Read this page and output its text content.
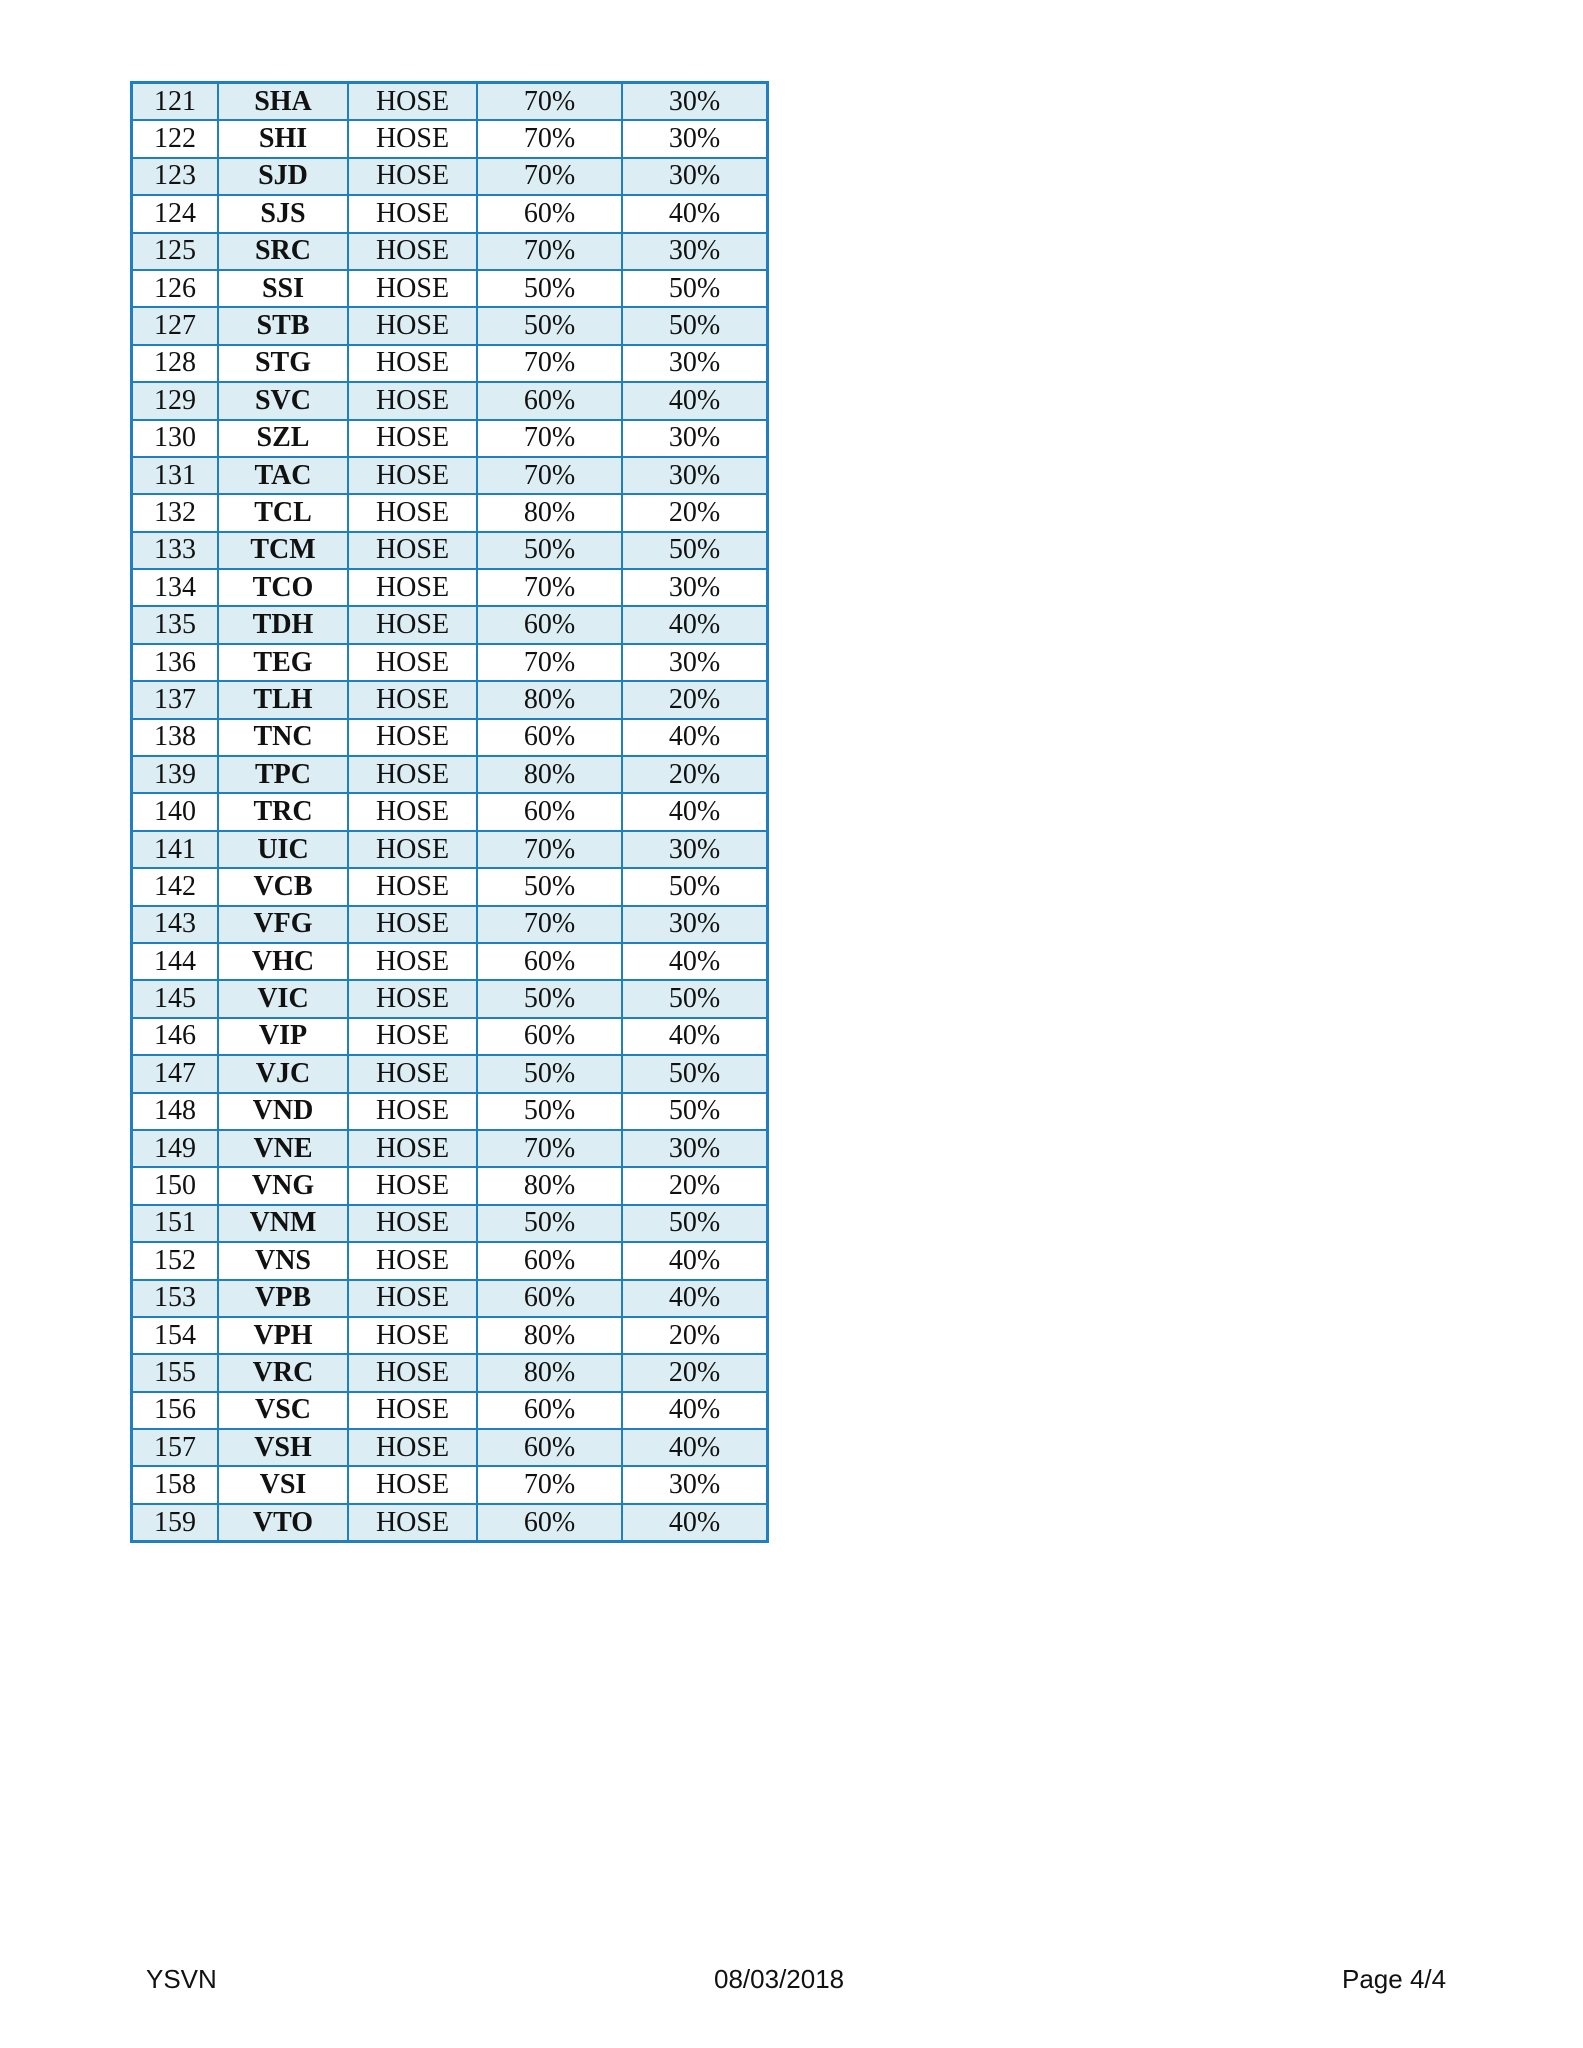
121	SHA	HOSE	70%	30%
122	SHI	HOSE	70%	30%
123	SJD	HOSE	70%	30%
124	SJS	HOSE	60%	40%
125	SRC	HOSE	70%	30%
126	SSI	HOSE	50%	50%
127	STB	HOSE	50%	50%
128	STG	HOSE	70%	30%
129	SVC	HOSE	60%	40%
130	SZL	HOSE	70%	30%
131	TAC	HOSE	70%	30%
132	TCL	HOSE	80%	20%
133	TCM	HOSE	50%	50%
134	TCO	HOSE	70%	30%
135	TDH	HOSE	60%	40%
136	TEG	HOSE	70%	30%
137	TLH	HOSE	80%	20%
138	TNC	HOSE	60%	40%
139	TPC	HOSE	80%	20%
140	TRC	HOSE	60%	40%
141	UIC	HOSE	70%	30%
142	VCB	HOSE	50%	50%
143	VFG	HOSE	70%	30%
144	VHC	HOSE	60%	40%
145	VIC	HOSE	50%	50%
146	VIP	HOSE	60%	40%
147	VJC	HOSE	50%	50%
148	VND	HOSE	50%	50%
149	VNE	HOSE	70%	30%
150	VNG	HOSE	80%	20%
151	VNM	HOSE	50%	50%
152	VNS	HOSE	60%	40%
153	VPB	HOSE	60%	40%
154	VPH	HOSE	80%	20%
155	VRC	HOSE	80%	20%
156	VSC	HOSE	60%	40%
157	VSH	HOSE	60%	40%
158	VSI	HOSE	70%	30%
159	VTO	HOSE	60%	40%
YSVN	08/03/2018	Page 4/4
